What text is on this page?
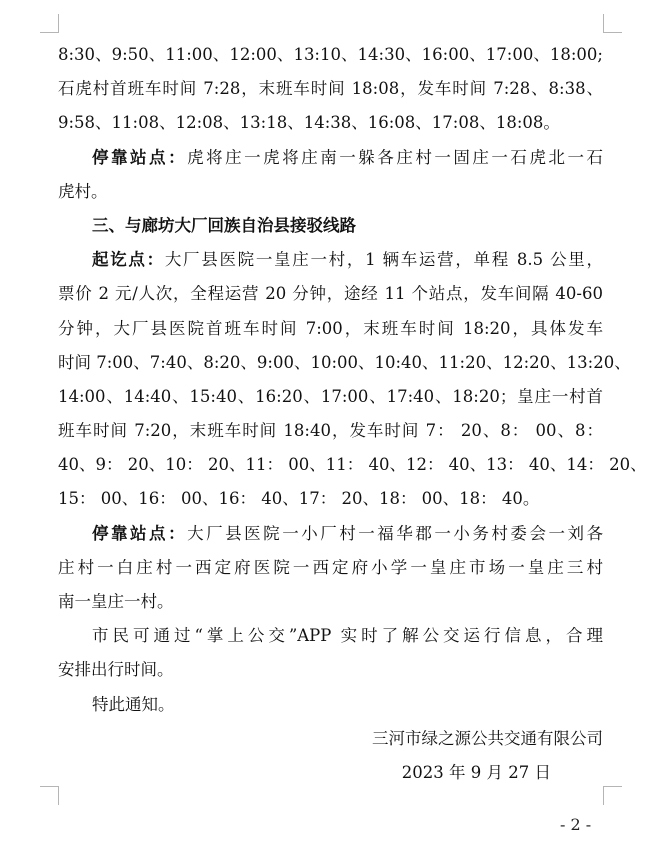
8:30、9:50、11:00、12:00、13:10、14:30、16:00、17:00、18:00;
石虎村首班车时间 7:28，末班车时间 18:08，发车时间 7:28、8:38、
9:58、11:08、12:08、13:18、14:38、16:08、17:08、18:08。
停靠站点：虎将庄一虎将庄南一躲各庄村一固庄一石虎北一石
虎村。
三、与廊坊大厂回族自治县接驳线路
起讫点：大厂县医院一皇庄一村，1 辆车运营，单程 8.5 公里，
票价 2 元/人次，全程运营 20 分钟，途经 11 个站点，发车间隔 40-60
分钟，大厂县医院首班车时间 7:00，末班车时间 18:20，具体发车
时间 7:00、7:40、8:20、9:00、10:00、10:40、11:20、12:20、13:20、
14:00、14:40、15:40、16:20、17:00、17:40、18:20；皇庄一村首
班车时间 7:20，末班车时间 18:40，发车时间 7： 20、8： 00、8：
40、9： 20、10： 20、11： 00、11： 40、12： 40、13： 40、14： 20、
15： 00、16： 00、16： 40、17： 20、18： 00、18： 40。
停靠站点：大厂县医院一小厂村一福华郡一小务村委会一刘各
庄村一白庄村一西定府医院一西定府小学一皇庄市场一皇庄三村
南一皇庄一村。
市民可通过“掌上公交”APP 实时了解公交运行信息，合理
安排出行时间。
特此通知。
三河市绿之源公共交通有限公司
2023 年 9 月 27 日
- 2 -
